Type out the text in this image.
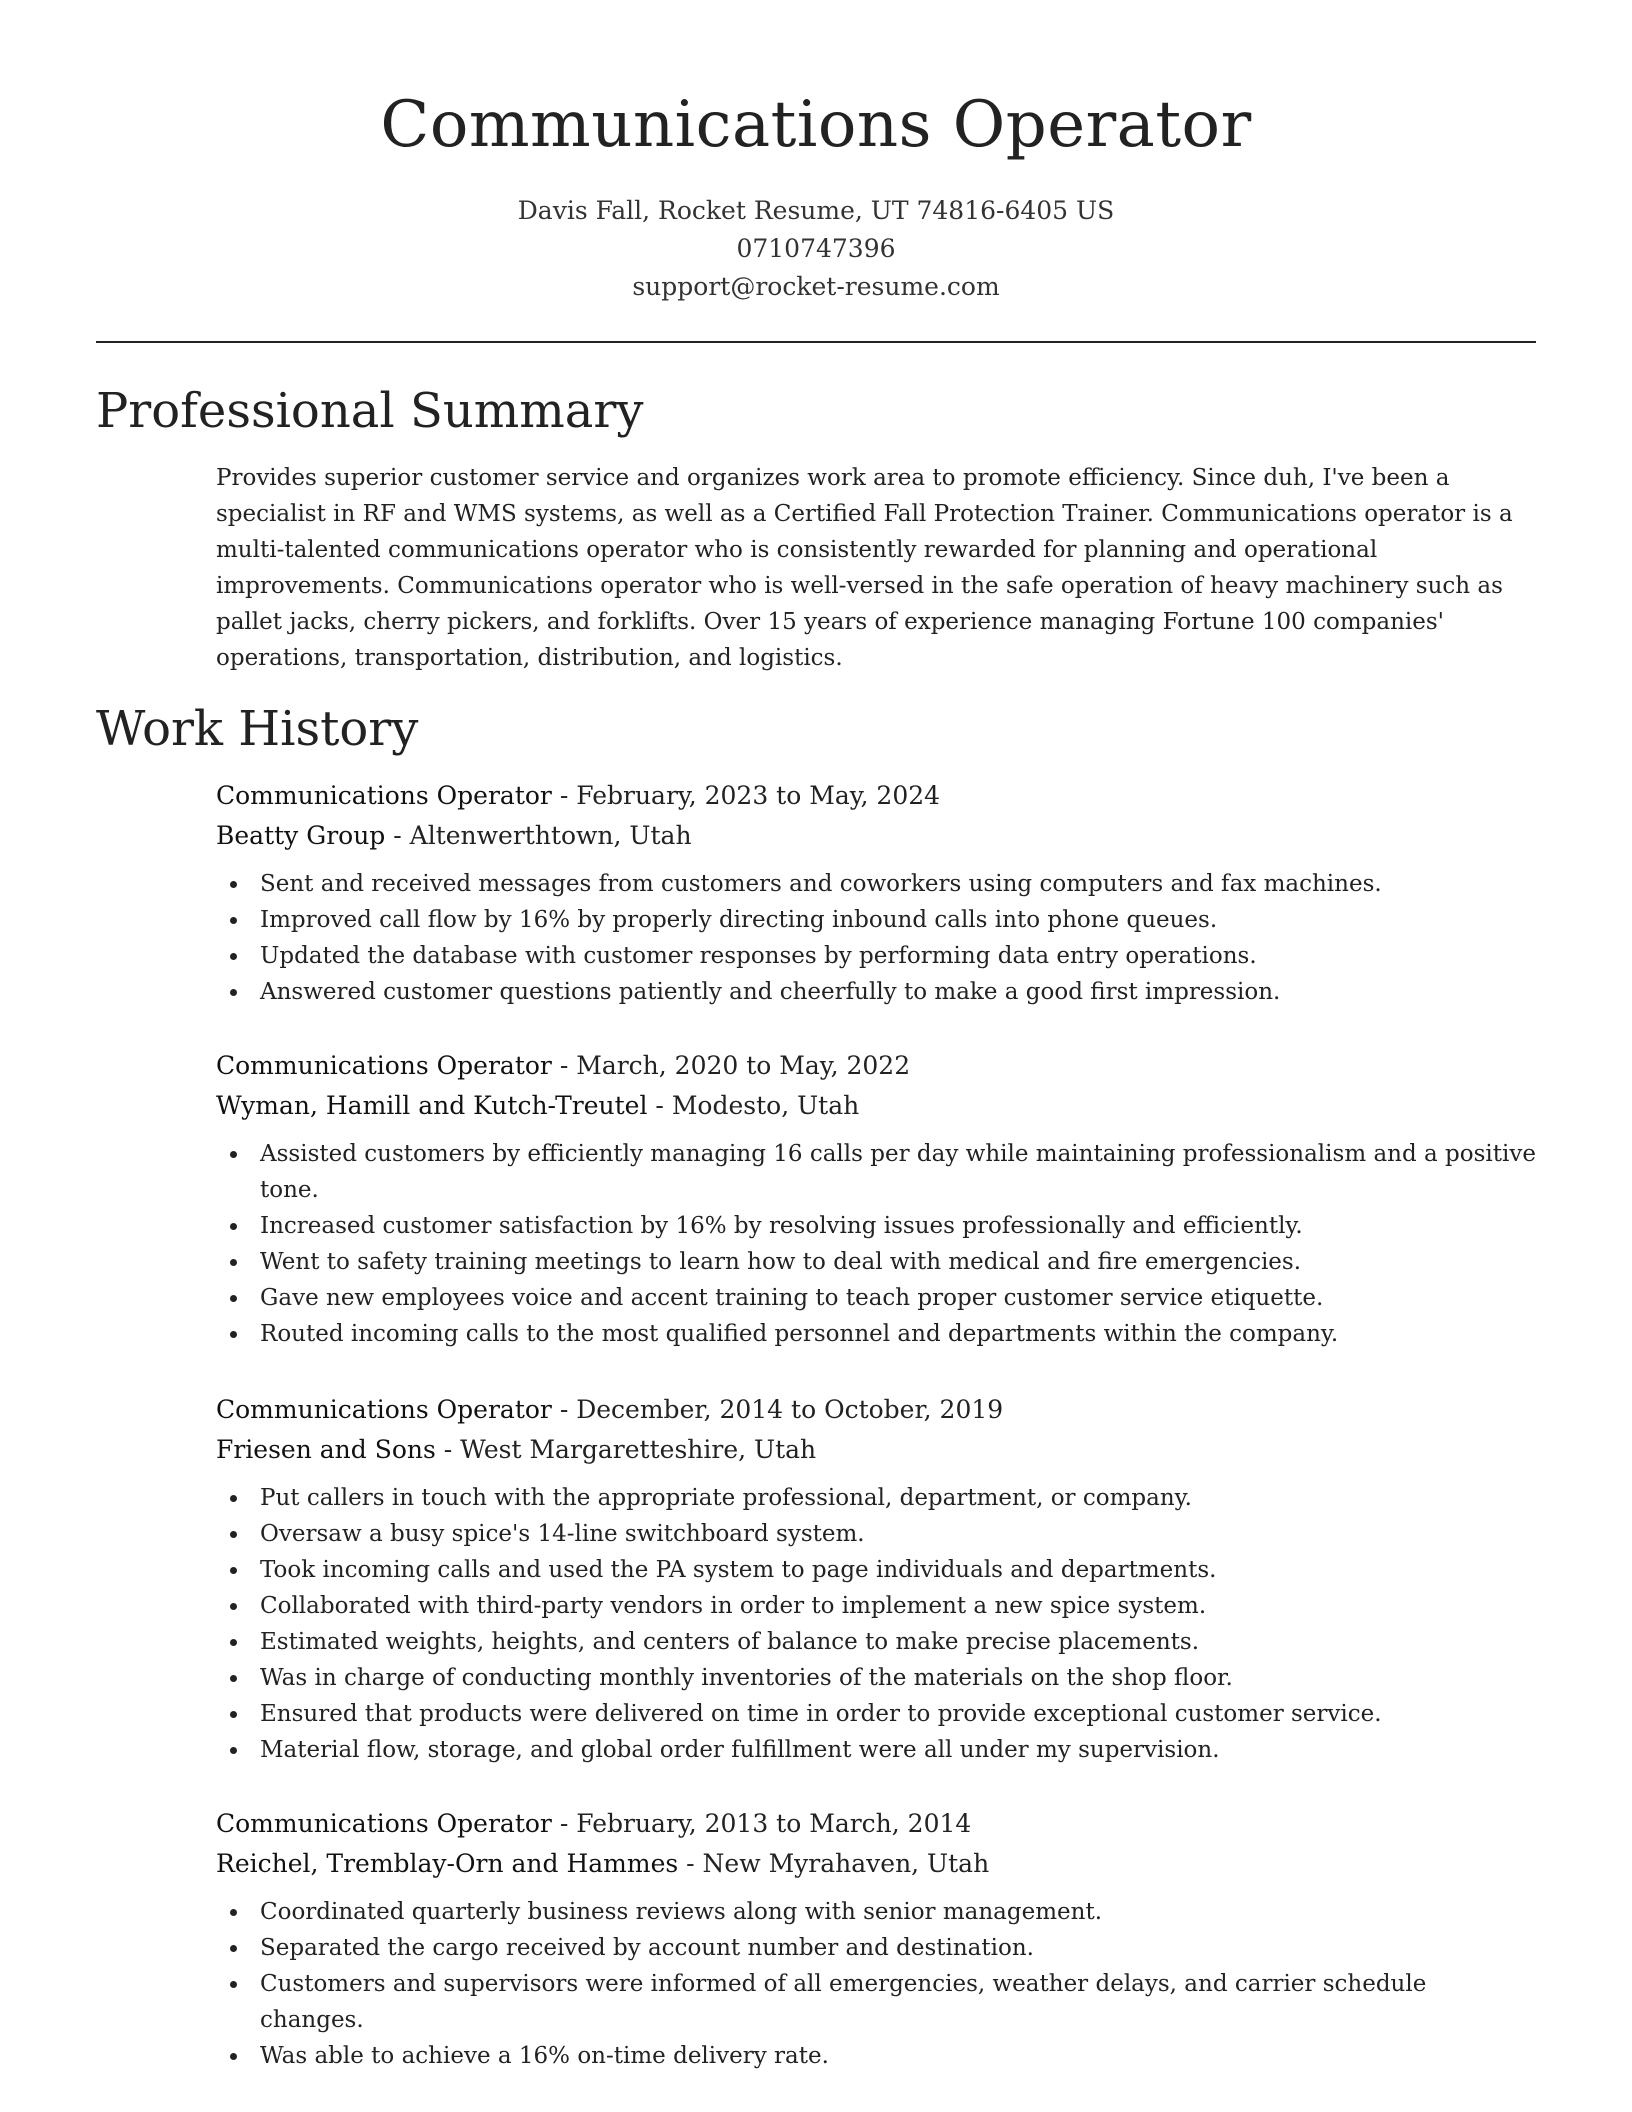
Communications Operator
Davis Fall, Rocket Resume, UT 74816-6405 US
0710747396
support@rocket-resume.com
Professional Summary

Provides superior customer service and organizes work area to promote efficiency. Since duh, I've been a specialist in RF and WMS systems, as well as a Certified Fall Protection Trainer. Communications operator is a multi-talented communications operator who is consistently rewarded for planning and operational improvements. Communications operator who is well-versed in the safe operation of heavy machinery such as pallet jacks, cherry pickers, and forklifts. Over 15 years of experience managing Fortune 100 companies' operations, transportation, distribution, and logistics.

Work History
Communications Operator - February, 2023 to May, 2024
Beatty Group - Altenwerthtown, Utah
Sent and received messages from customers and coworkers using computers and fax machines.
Improved call flow by 16% by properly directing inbound calls into phone queues.
Updated the database with customer responses by performing data entry operations.
Answered customer questions patiently and cheerfully to make a good first impression.
Communications Operator - March, 2020 to May, 2022
Wyman, Hamill and Kutch-Treutel - Modesto, Utah
Assisted customers by efficiently managing 16 calls per day while maintaining professionalism and a positive tone.
Increased customer satisfaction by 16% by resolving issues professionally and efficiently.
Went to safety training meetings to learn how to deal with medical and fire emergencies.
Gave new employees voice and accent training to teach proper customer service etiquette.
Routed incoming calls to the most qualified personnel and departments within the company.
Communications Operator - December, 2014 to October, 2019
Friesen and Sons - West Margaretteshire, Utah
Put callers in touch with the appropriate professional, department, or company.
Oversaw a busy spice's 14-line switchboard system.
Took incoming calls and used the PA system to page individuals and departments.
Collaborated with third-party vendors in order to implement a new spice system.
Estimated weights, heights, and centers of balance to make precise placements.
Was in charge of conducting monthly inventories of the materials on the shop floor.
Ensured that products were delivered on time in order to provide exceptional customer service.
Material flow, storage, and global order fulfillment were all under my supervision.
Communications Operator - February, 2013 to March, 2014
Reichel, Tremblay-Orn and Hammes - New Myrahaven, Utah
Coordinated quarterly business reviews along with senior management.
Separated the cargo received by account number and destination.
Customers and supervisors were informed of all emergencies, weather delays, and carrier schedule changes.
Was able to achieve a 16% on-time delivery rate.
